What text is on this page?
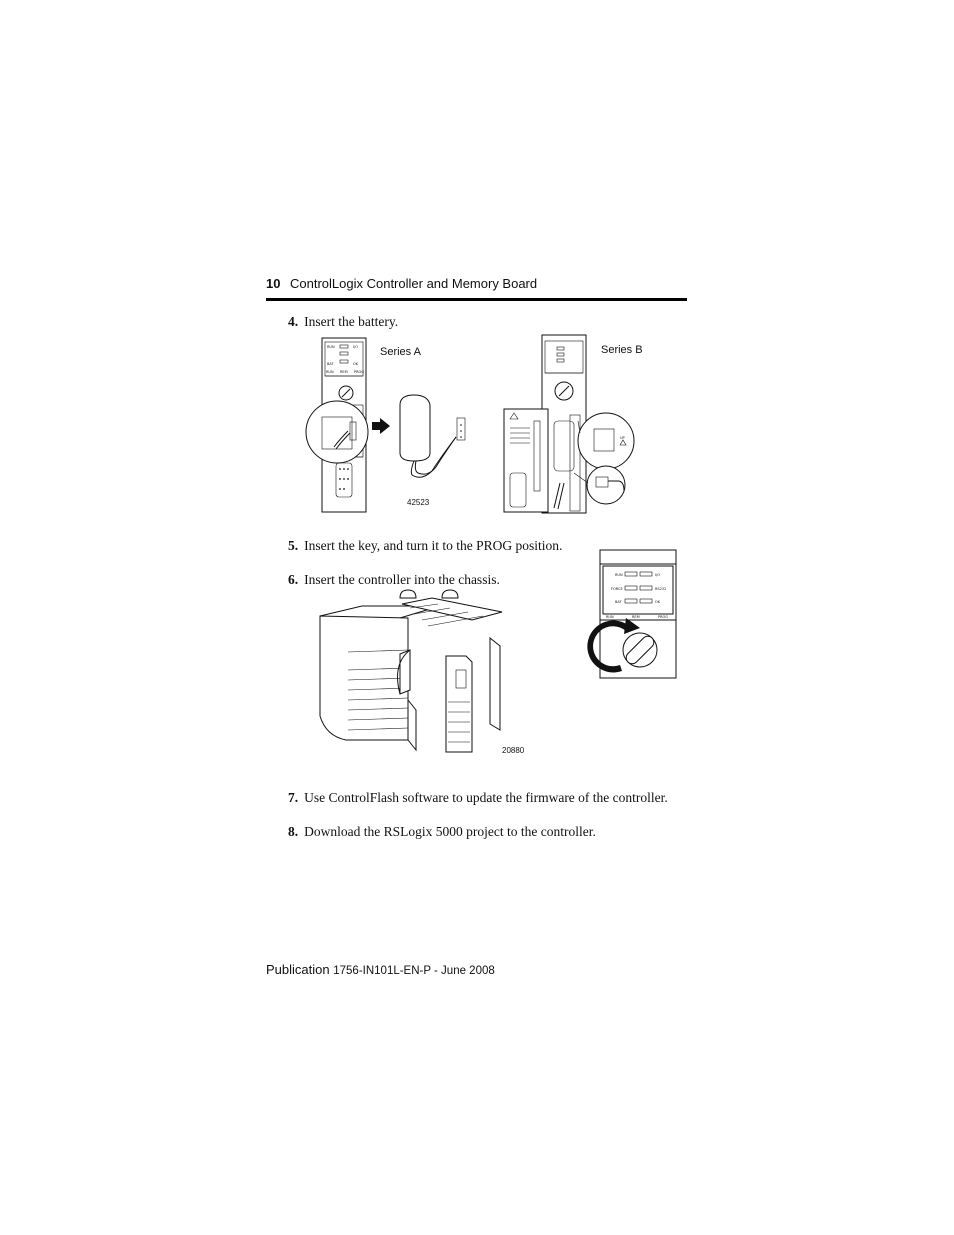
10 ControlLogix Controller and Memory Board
4. Insert the battery.
RUN	I/O
BAT	OK
RUN REM PROG
Series A
42523
UP
Series B
5. Insert the key, and turn it to the PROG position.
6. Insert the controller into the chassis.	RUN	I/O
FORCE	RS232
BAT	OK
RUN	REM	PROG
20880
7. Use ControlFlash software to update the firmware of the controller.
8. Download the RSLogix 5000 project to the controller.
Publication 1756-IN101L-EN-P - June 2008
